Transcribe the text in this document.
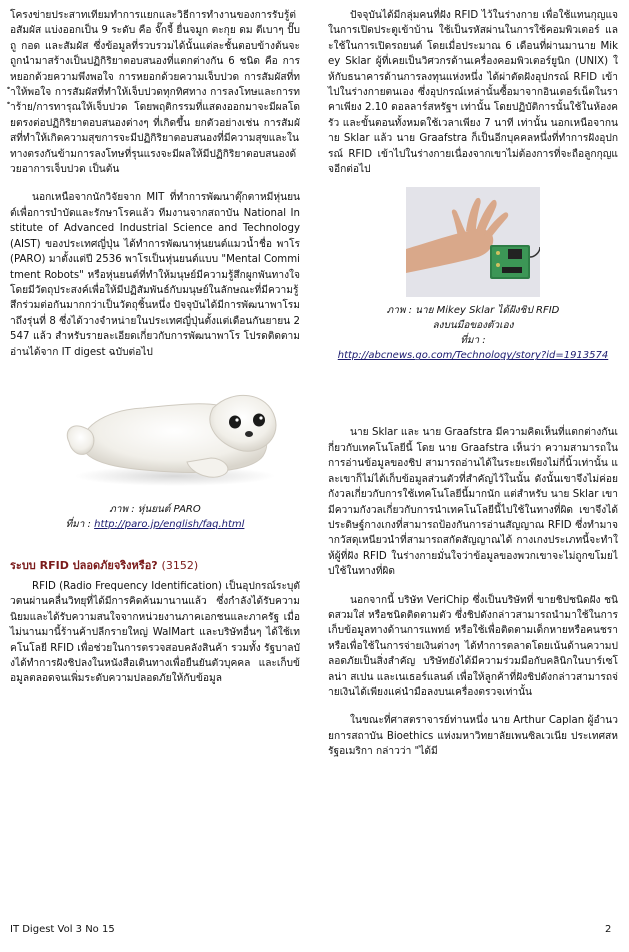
โครงข่ายประสาทเทียมทำการแยกและวิธีการทำงานของการรับรู้ต่อสัมผัส แบ่งออกเป็น 9 ระดับ คือ จั๊กจี้ ยื่นจมูก ตะกุย ดม ตีเบาๆ ปั๊บ ถู กอด และสัมผัส ซึ่งข้อมูลที่รวบรวมได้นั้นแต่ละชั้นตอบข้างต้นจะถูกนำมาสร้างเป็นปฏิกิริยาตอบสนองที่แตกต่างกัน 6 ชนิด คือ การหยอกด้วยความพึงพอใจ การหยอกด้วยความเจ็บปวด การสัมผัสที่ทำให้พอใจ การสัมผัสที่ทำให้เจ็บปวดทุกทิศทาง การลงโทษและการทำร้าย/การทารุณให้เจ็บปวด โดยพฤติกรรมที่แสดงออกมาจะมีผลโดยตรงต่อปฏิกิริยาตอบสนองต่างๆ ที่เกิดขึ้น ยกตัวอย่างเช่น การสัมผัสที่ทำให้เกิดความสุขการจะมีปฏิกิริยาตอบสนองที่มีความสุขและในทางตรงกันข้ามการลงโทษที่รุนแรงจะมีผลให้มีปฏิกิริยาตอบสนองด้วยอาการเจ็บปวด เป็นต้น

นอกเหนือจากนักวิจัยจาก MIT ที่ทำการพัฒนาตุ๊กตาหมีหุ่นยนต์เพื่อการบำบัดและรักษาโรคแล้ว ทีมงานจากสถาบัน National Institute of Advanced Industrial Science and Technology (AIST) ของประเทศญี่ปุ่น ได้ทำการพัฒนาหุ่นยนต์แมวน้ำชื่อ พาโร(PARO) มาตั้งแต่ปี 2536 พาโรเป็นหุ่นยนต์แบบ "Mental Commitment Robots" หรือหุ่นยนต์ที่ทำให้มนุษย์มีความรู้สึกผูกพันทางใจ โดยมีวัตถุประสงค์เพื่อให้มีปฏิสัมพันธ์กับมนุษย์ในลักษณะที่มีความรู้สึกร่วมต่อกันมากกว่าเป็นวัตถุชิ้นหนึ่ง ปัจจุบันได้มีการพัฒนาพาโรมาถึงรุ่นที่ 8 ซึ่งได้วางจำหน่ายในประเทศญี่ปุ่นตั้งแต่เดือนกันยายน 2547 แล้ว สำหรับรายละเอียดเกี่ยวกับการพัฒนาพาโร โปรดติดตามอ่านได้จาก IT digest ฉบับต่อไป

ภาพ : หุ่นยนต์ PARO

ที่มา : http://paro.jp/english/faq.html

ระบบ RFID ปลอดภัยจริงหรือ? (3152)

RFID (Radio Frequency Identification) เป็นอุปกรณ์ระบุตัวตนผ่านคลื่นวิทยุที่ได้มีการคิดค้นมานานแล้ว ซึ่งกำลังได้รับความนิยมและได้รับความสนใจจากหน่วยงานภาคเอกชนและภาครัฐ เมื่อไม่นานมานี้ร้านค้าปลีกรายใหญ่ WalMart และบริษัทอื่นๆ ได้ใช้เทคโนโลยี RFID เพื่อช่วยในการตรวจสอบคลังสินค้า รวมทั้ง รัฐบาลบังได้ทำการฝังชิปลงในหนังสือเดินทางเพื่อยืนยันตัวบุคคล และเก็บข้อมูลตลอดจนเพิ่มระดับความปลอดภัยให้กับข้อมูล

ปัจจุบันได้มีกลุ่มคนที่ฝัง RFID ไว้ในร่างกาย เพื่อใช้แทนกุญแจในการเปิดประตูเข้าบ้าน ใช้เป็นรหัสผ่านในการใช้คอมพิวเตอร์ และใช้ในการเปิดรถยนต์ โดยเมื่อประมาณ 6 เดือนที่ผ่านมานาย Mikey Sklar ผู้ที่เคยเป็นวิศวกรด้านเครื่องคอมพิวเตอร์ยูนิก (UNIX) ให้กับธนาคารด้านการลงทุนแห่งหนึ่ง ได้ผ่าตัดฝังอุปกรณ์ RFID เข้าไปในร่างกายตนเอง ซึ่งอุปกรณ์เหล่านั้นซื้อมาจากอินเตอร์เน็ตในราคาเพียง 2.10 ดอลลาร์สหรัฐฯ เท่านั้น โดยปฏิบัติการนั้นใช้ในห้องครัว และขั้นตอนทั้งหมดใช้เวลาเพียง 7 นาที เท่านั้น นอกเหนือจากนาย Sklar แล้ว นาย Graafstra ก็เป็นอีกบุคคลหนึ่งที่ทำการฝังอุปกรณ์ RFID เข้าไปในร่างกายเนื่องจากเขาไม่ต้องการที่จะถือลูกกุญแจอีกต่อไป

ภาพ : นาย Mikey Sklar ได้ฝังชิป RFID

ลงบนมือของตัวเอง

ที่มา :

http://abcnews.go.com/Technology/story?id=1913574

นาย Sklar และ นาย Graafstra มีความคิดเห็นที่แตกต่างกันเกี่ยวกับเทคโนโลยีนี้ โดย นาย Graafstra เห็นว่า ความสามารถในการอ่านข้อมูลของชิป สามารถอ่านได้ในระยะเพียงไม่กี่นิ้วเท่านั้น และเขาก็ไม่ได้เก็บข้อมูลส่วนตัวที่สำคัญไว้ในนั้น ดังนั้นเขาจึงไม่ค่อยกังวลเกี่ยวกับการใช้เทคโนโลยีนี้มากนัก แต่สำหรับ นาย Sklar เขามีความกังวลเกี่ยวกับการนำเทคโนโลยีนี้ไปใช้ในทางที่ผิด เขาจึงได้ประดิษฐ์กางเกงที่สามารถป้องกันการอ่านสัญญาณ RFID ซึ่งทำมาจากวัสดุเหนียวนำที่สามารถสกัดสัญญาณได้ กางเกงประเภทนี้จะทำให้ผู้ที่ฝัง RFID ในร่างกายมั่นใจว่าข้อมูลของพวกเขาจะไม่ถูกขโมยไปใช้ในทางที่ผิด

นอกจากนี้ บริษัท VeriChip ซึ่งเป็นบริษัทที่ ขายชิปชนิดฝัง ชนิดสวมใส่ หรือชนิดติดตามตัว ซึ่งชิปดังกล่าวสามารถนำมาใช้ในการเก็บข้อมูลทางด้านการแพทย์ หรือใช้เพื่อติดตามเด็กหายหรือคนชรา หรือเพื่อใช้ในการจ่ายเงินต่างๆ ได้ทำการตลาดโดยเน้นด้านความปลอดภัยเป็นสิ่งสำคัญ บริษัทยังได้มีความร่วมมือกับคลินิกในบาร์เซโลน่า สเปน และเนเธอร์แลนด์ เพื่อให้ลูกค้าที่ฝังชิปดังกล่าวสามารถจ่ายเงินได้เพียงแค่นำมือลงบนเครื่องตรวจเท่านั้น

ในขณะที่ศาสตราจารย์ท่านหนึ่ง นาย Arthur Caplan ผู้อำนวยการสถาบัน Bioethics แห่งมหาวิทยาลัยเพนซิลเวเนีย ประเทศสหรัฐอเมริกา กล่าวว่า "ได้มี

IT Digest Vol 3 No 15	2
